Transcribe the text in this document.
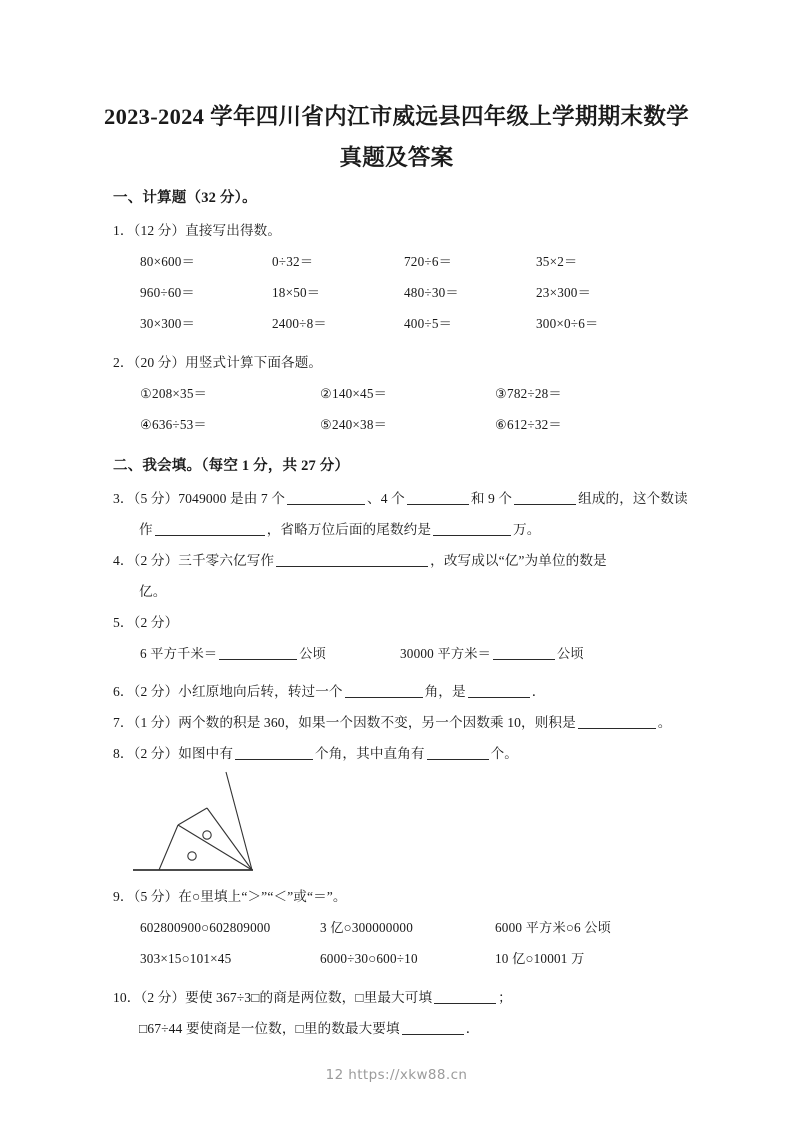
2023-2024 学年四川省内江市威远县四年级上学期期末数学
真题及答案

一、计算题（32 分）。

1．（12 分）直接写出得数。

80×600＝	0÷32＝	720÷6＝	35×2＝
960÷60＝	18×50＝	480÷30＝	23×300＝
30×300＝	2400÷8＝	400÷5＝	300×0÷6＝

2．（20 分）用竖式计算下面各题。

①208×35＝	②140×45＝	③782÷28＝
④636÷53＝	⑤240×38＝	⑥612÷32＝

二、我会填。（每空 1 分，共 27 分）

3．（5 分）7049000 是由 7 个	、4 个	和 9 个	组成的，这个数读
作	，省略万位后面的尾数约是	万。

4．（2 分）三千零六亿写作	，改写成以“亿”为单位的数是
亿。

5．（2 分）

6 平方千米＝	公顷	30000 平方米＝	公顷

6．（2 分）小红原地向后转，转过一个	角，是	．

7．（1 分）两个数的积是 360，如果一个因数不变，另一个因数乘 10，则积是	。

8．（2 分）如图中有	个角，其中直角有	个。

9．（5 分）在○里填上“＞”“＜”或“＝”。

602800900○602809000	3 亿○300000000	6000 平方米○6 公顷
303×15○101×45	6000÷30○600÷10	10 亿○10001 万

10．（2 分）要使 367÷3□的商是两位数，□里最大可填	；
□67÷44 要使商是一位数，□里的数最大要填	．

12 https://xkw88.cn
